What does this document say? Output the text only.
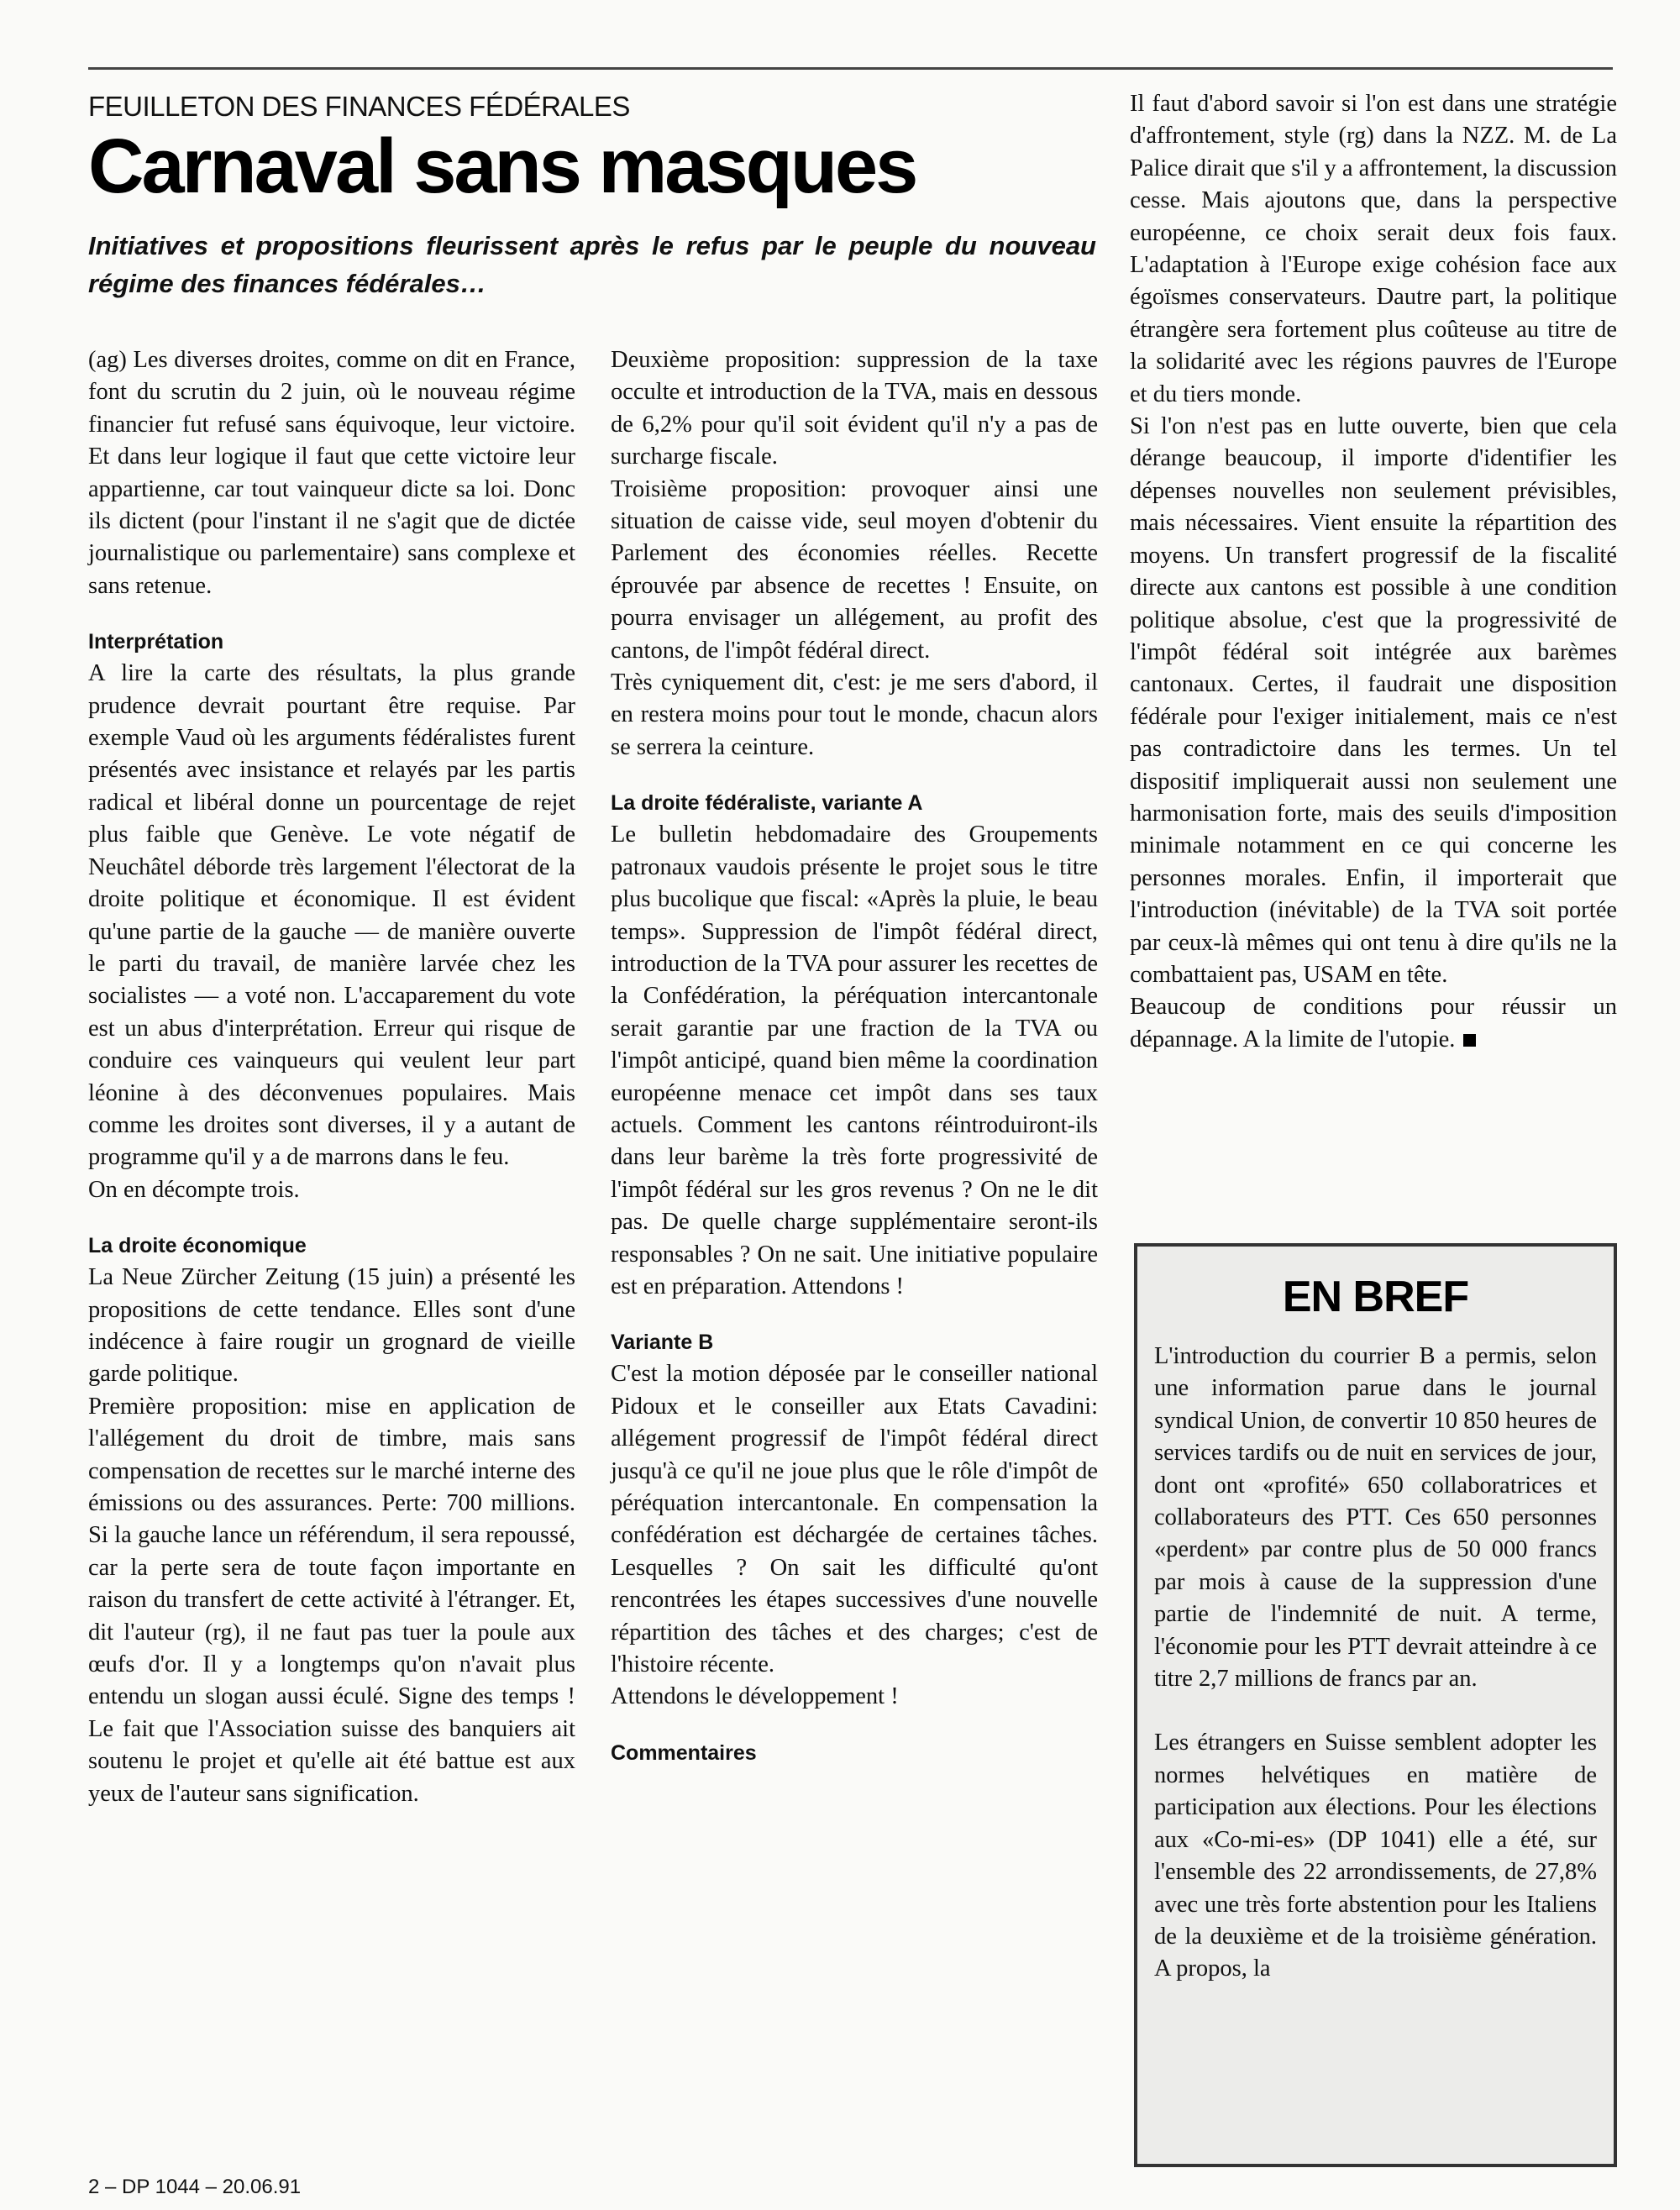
FEUILLETON DES FINANCES FÉDÉRALES
Carnaval sans masques

Initiatives et propositions fleurissent après le refus par le peuple du nouveau régime des finances fédérales…

(ag) Les diverses droites, comme on dit en France, font du scrutin du 2 juin, où le nouveau régime financier fut refusé sans équivoque, leur victoire. Et dans leur logique il faut que cette victoire leur appartienne, car tout vainqueur dicte sa loi. Donc ils dictent (pour l'instant il ne s'agit que de dictée journalistique ou parlementaire) sans complexe et sans retenue.

Interprétation

A lire la carte des résultats, la plus grande prudence devrait pourtant être requise. Par exemple Vaud où les arguments fédéralistes furent présentés avec insistance et relayés par les partis radical et libéral donne un pourcentage de rejet plus faible que Genève. Le vote négatif de Neuchâtel déborde très largement l'électorat de la droite politique et économique. Il est évident qu'une partie de la gauche — de manière ouverte le parti du travail, de manière larvée chez les socialistes — a voté non. L'accaparement du vote est un abus d'interprétation. Erreur qui risque de conduire ces vainqueurs qui veulent leur part léonine à des déconvenues populaires. Mais comme les droites sont diverses, il y a autant de programme qu'il y a de marrons dans le feu.

On en décompte trois.

La droite économique

La Neue Zürcher Zeitung (15 juin) a présenté les propositions de cette tendance. Elles sont d'une indécence à faire rougir un grognard de vieille garde politique.

Première proposition: mise en application de l'allégement du droit de timbre, mais sans compensation de recettes sur le marché interne des émissions ou des assurances. Perte: 700 millions. Si la gauche lance un référendum, il sera repoussé, car la perte sera de toute façon importante en raison du transfert de cette activité à l'étranger. Et, dit l'auteur (rg), il ne faut pas tuer la poule aux œufs d'or. Il y a longtemps qu'on n'avait plus entendu un slogan aussi éculé. Signe des temps ! Le fait que l'Association suisse des banquiers ait soutenu le projet et qu'elle ait été battue est aux yeux de l'auteur sans signification.

Deuxième proposition: suppression de la taxe occulte et introduction de la TVA, mais en dessous de 6,2% pour qu'il soit évident qu'il n'y a pas de surcharge fiscale.

Troisième proposition: provoquer ainsi une situation de caisse vide, seul moyen d'obtenir du Parlement des économies réelles. Recette éprouvée par absence de recettes ! Ensuite, on pourra envisager un allégement, au profit des cantons, de l'impôt fédéral direct.

Très cyniquement dit, c'est: je me sers d'abord, il en restera moins pour tout le monde, chacun alors se serrera la ceinture.

La droite fédéraliste, variante A

Le bulletin hebdomadaire des Groupements patronaux vaudois présente le projet sous le titre plus bucolique que fiscal: «Après la pluie, le beau temps». Suppression de l'impôt fédéral direct, introduction de la TVA pour assurer les recettes de la Confédération, la péréquation intercantonale serait garantie par une fraction de la TVA ou l'impôt anticipé, quand bien même la coordination européenne menace cet impôt dans ses taux actuels. Comment les cantons réintroduiront-ils dans leur barème la très forte progressivité de l'impôt fédéral sur les gros revenus ? On ne le dit pas. De quelle charge supplémentaire seront-ils responsables ? On ne sait. Une initiative populaire est en préparation. Attendons !

Variante B

C'est la motion déposée par le conseiller national Pidoux et le conseiller aux Etats Cavadini: allégement progressif de l'impôt fédéral direct jusqu'à ce qu'il ne joue plus que le rôle d'impôt de péréquation intercantonale. En compensation la confédération est déchargée de certaines tâches. Lesquelles ? On sait les difficulté qu'ont rencontrées les étapes successives d'une nouvelle répartition des tâches et des charges; c'est de l'histoire récente.

Attendons le développement !

Commentaires

Il faut d'abord savoir si l'on est dans une stratégie d'affrontement, style (rg) dans la NZZ. M. de La Palice dirait que s'il y a affrontement, la discussion cesse. Mais ajoutons que, dans la perspective européenne, ce choix serait deux fois faux. L'adaptation à l'Europe exige cohésion face aux égoïsmes conservateurs. Dautre part, la politique étrangère sera fortement plus coûteuse au titre de la solidarité avec les régions pauvres de l'Europe et du tiers monde.

Si l'on n'est pas en lutte ouverte, bien que cela dérange beaucoup, il importe d'identifier les dépenses nouvelles non seulement prévisibles, mais nécessaires. Vient ensuite la répartition des moyens. Un transfert progressif de la fiscalité directe aux cantons est possible à une condition politique absolue, c'est que la progressivité de l'impôt fédéral soit intégrée aux barèmes cantonaux. Certes, il faudrait une disposition fédérale pour l'exiger initialement, mais ce n'est pas contradictoire dans les termes. Un tel dispositif impliquerait aussi non seulement une harmonisation forte, mais des seuils d'imposition minimale notamment en ce qui concerne les personnes morales. Enfin, il importerait que l'introduction (inévitable) de la TVA soit portée par ceux-là mêmes qui ont tenu à dire qu'ils ne la combattaient pas, USAM en tête.

Beaucoup de conditions pour réussir un dépannage. A la limite de l'utopie.

EN BREF

L'introduction du courrier B a permis, selon une information parue dans le journal syndical Union, de convertir 10 850 heures de services tardifs ou de nuit en services de jour, dont ont «profité» 650 collaboratrices et collaborateurs des PTT. Ces 650 personnes «perdent» par contre plus de 50 000 francs par mois à cause de la suppression d'une partie de l'indemnité de nuit. A terme, l'économie pour les PTT devrait atteindre à ce titre 2,7 millions de francs par an.

Les étrangers en Suisse semblent adopter les normes helvétiques en matière de participation aux élections. Pour les élections aux «Co-mi-es» (DP 1041) elle a été, sur l'ensemble des 22 arrondissements, de 27,8% avec une très forte abstention pour les Italiens de la deuxième et de la troisième génération. A propos, la

2 – DP 1044 – 20.06.91
